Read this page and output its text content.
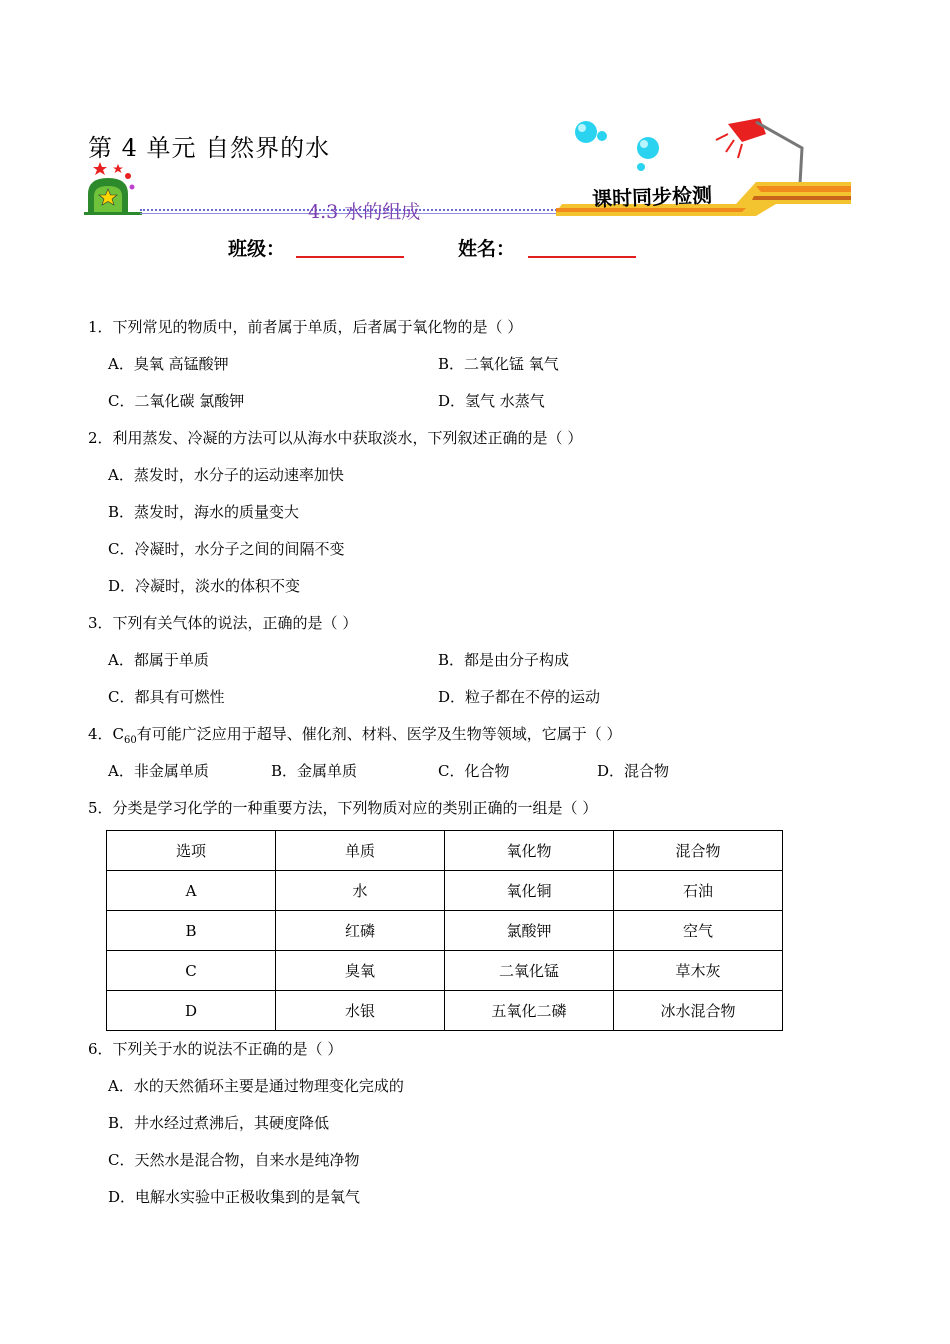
第 4 单元 自然界的水
4.3 水的组成
课时同步检测
班级：	姓名：
1．下列常见的物质中，前者属于单质，后者属于氧化物的是（ ）
A．臭氧 高锰酸钾	B．二氧化锰 氧气
C．二氧化碳 氯酸钾	D．氢气 水蒸气
2．利用蒸发、冷凝的方法可以从海水中获取淡水，下列叙述正确的是（ ）
A．蒸发时，水分子的运动速率加快
B．蒸发时，海水的质量变大
C．冷凝时，水分子之间的间隔不变
D．冷凝时，淡水的体积不变
3．下列有关气体的说法，正确的是（ ）
A．都属于单质	B．都是由分子构成
C．都具有可燃性	D．粒子都在不停的运动
4．$C_{60}$有可能广泛应用于超导、催化剂、材料、医学及生物等领域，它属于（ ）
A．非金属单质	B．金属单质	C．化合物	D．混合物
5．分类是学习化学的一种重要方法，下列物质对应的类别正确的一组是（ ）
选项	单质	氧化物	混合物
A	水	氧化铜	石油
B	红磷	氯酸钾	空气
C	臭氧	二氧化锰	草木灰
D	水银	五氧化二磷	冰水混合物
6．下列关于水的说法不正确的是（ ）
A．水的天然循环主要是通过物理变化完成的
B．井水经过煮沸后，其硬度降低
C．天然水是混合物，自来水是纯净物
D．电解水实验中正极收集到的是氧气
